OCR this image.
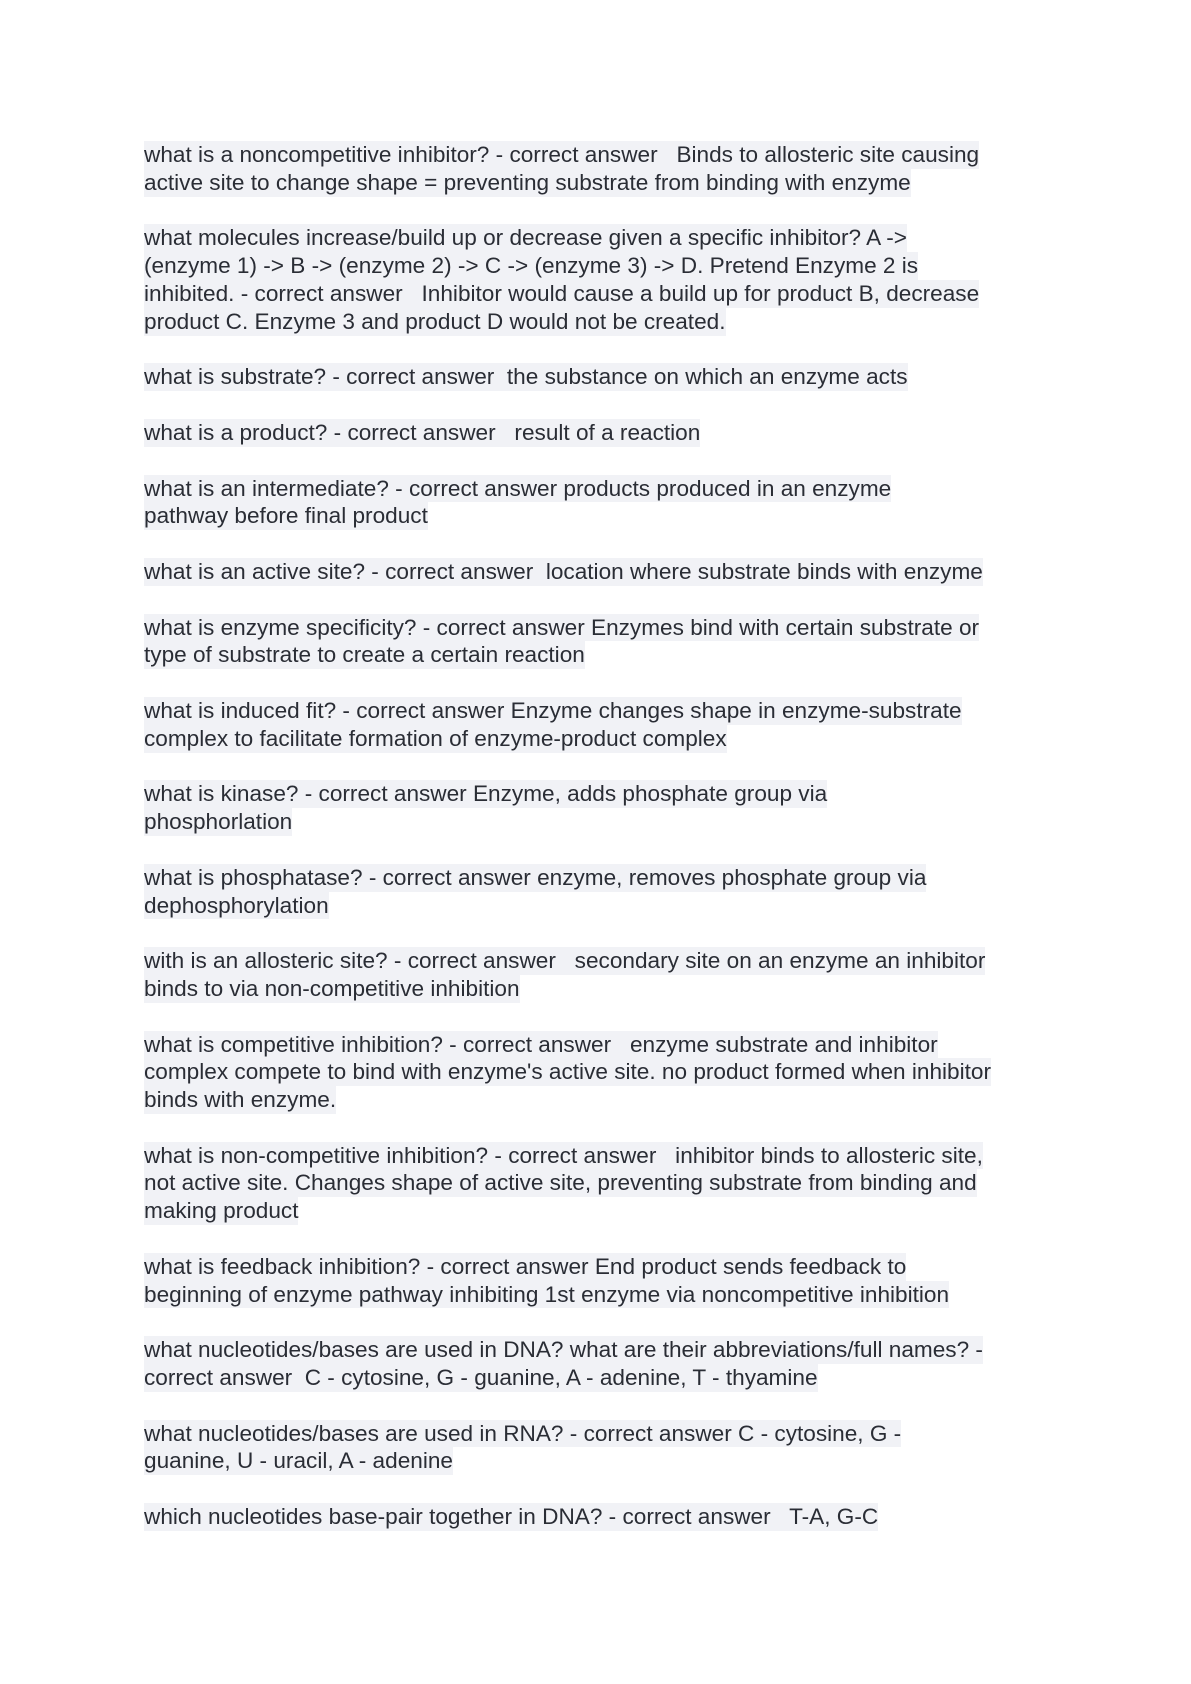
what is a noncompetitive inhibitor? - correct answer   Binds to allosteric site causing
active site to change shape = preventing substrate from binding with enzyme
what molecules increase/build up or decrease given a specific inhibitor? A ->
(enzyme 1) -> B -> (enzyme 2) -> C -> (enzyme 3) -> D. Pretend Enzyme 2 is
inhibited. - correct answer   Inhibitor would cause a build up for product B, decrease
product C. Enzyme 3 and product D would not be created.
what is substrate? - correct answer  the substance on which an enzyme acts
what is a product? - correct answer   result of a reaction
what is an intermediate? - correct answer products produced in an enzyme
pathway before final product
what is an active site? - correct answer  location where substrate binds with enzyme
what is enzyme specificity? - correct answer Enzymes bind with certain substrate or
type of substrate to create a certain reaction
what is induced fit? - correct answer Enzyme changes shape in enzyme-substrate
complex to facilitate formation of enzyme-product complex
what is kinase? - correct answer Enzyme, adds phosphate group via
phosphorlation
what is phosphatase? - correct answer enzyme, removes phosphate group via
dephosphorylation
with is an allosteric site? - correct answer   secondary site on an enzyme an inhibitor
binds to via non-competitive inhibition
what is competitive inhibition? - correct answer   enzyme substrate and inhibitor
complex compete to bind with enzyme's active site. no product formed when inhibitor
binds with enzyme.
what is non-competitive inhibition? - correct answer   inhibitor binds to allosteric site,
not active site. Changes shape of active site, preventing substrate from binding and
making product
what is feedback inhibition? - correct answer End product sends feedback to
beginning of enzyme pathway inhibiting 1st enzyme via noncompetitive inhibition
what nucleotides/bases are used in DNA? what are their abbreviations/full names? -
correct answer  C - cytosine, G - guanine, A - adenine, T - thyamine
what nucleotides/bases are used in RNA? - correct answer C - cytosine, G -
guanine, U - uracil, A - adenine
which nucleotides base-pair together in DNA? - correct answer   T-A, G-C
